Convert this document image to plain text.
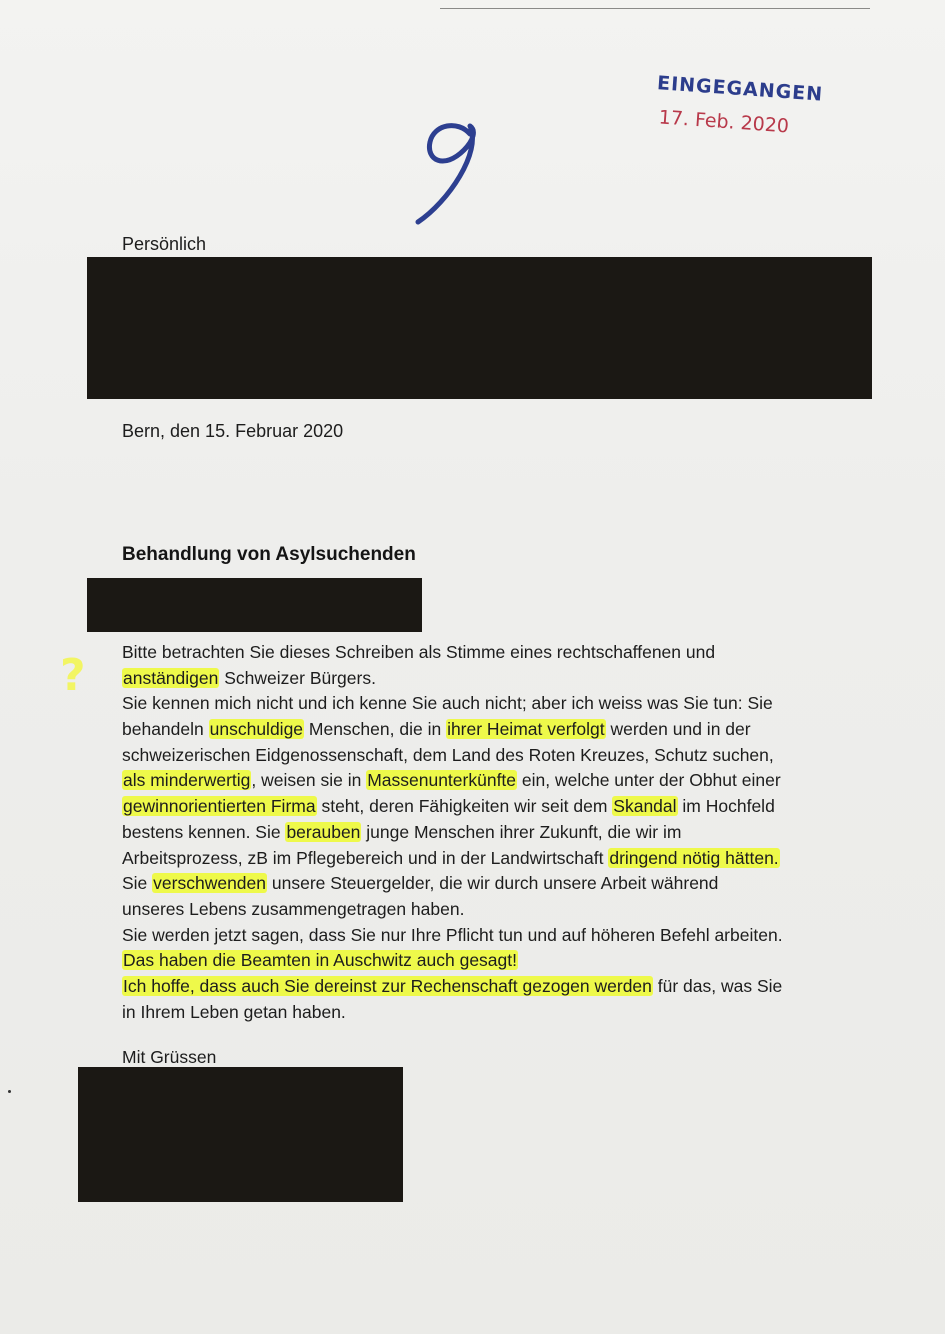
EINGEGANGEN
17. Feb. 2020
Persönlich
Bern, den 15. Februar 2020
Behandlung von Asylsuchenden
? Bitte betrachten Sie dieses Schreiben als Stimme eines rechtschaffenen und
anständigen Schweizer Bürgers.
Sie kennen mich nicht und ich kenne Sie auch nicht; aber ich weiss was Sie tun: Sie
behandeln unschuldige Menschen, die in ihrer Heimat verfolgt werden und in der
schweizerischen Eidgenossenschaft, dem Land des Roten Kreuzes, Schutz suchen,
als minderwertig, weisen sie in Massenunterkünfte ein, welche unter der Obhut einer
gewinnorientierten Firma steht, deren Fähigkeiten wir seit dem Skandal im Hochfeld
bestens kennen. Sie berauben junge Menschen ihrer Zukunft, die wir im
Arbeitsprozess, zB im Pflegebereich und in der Landwirtschaft dringend nötig hätten.
Sie verschwenden unsere Steuergelder, die wir durch unsere Arbeit während
unseres Lebens zusammengetragen haben.
Sie werden jetzt sagen, dass Sie nur Ihre Pflicht tun und auf höheren Befehl arbeiten.
Das haben die Beamten in Auschwitz auch gesagt!
Ich hoffe, dass auch Sie dereinst zur Rechenschaft gezogen werden für das, was Sie
in Ihrem Leben getan haben.
Mit Grüssen
